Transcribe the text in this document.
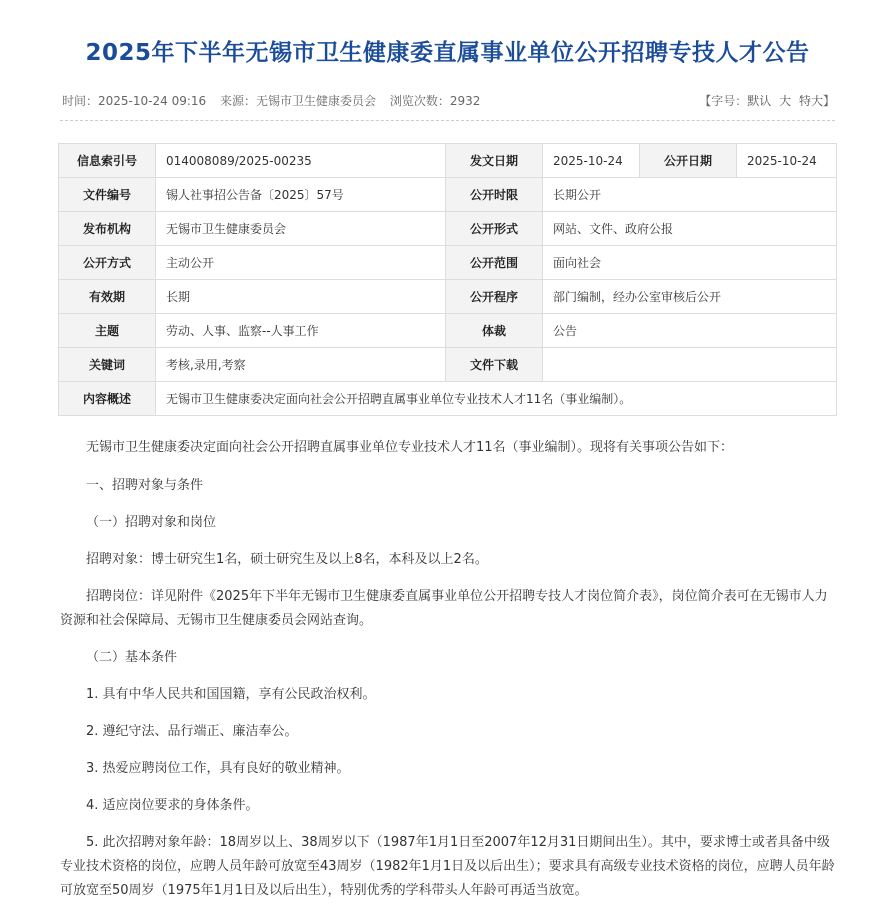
2025年下半年无锡市卫生健康委直属事业单位公开招聘专技人才公告
时间：2025-10-24 09:16 来源：无锡市卫生健康委员会 浏览次数：2932	【字号：默认 大 特大】
信息索引号	014008089/2025-00235	发文日期	2025-10-24	公开日期	2025-10-24
文件编号	锡人社事招公告备〔2025〕57号	公开时限	长期公开		
发布机构	无锡市卫生健康委员会	公开形式	网站、文件、政府公报		
公开方式	主动公开	公开范围	面向社会		
有效期	长期	公开程序	部门编制，经办公室审核后公开		
主题	劳动、人事、监察--人事工作	体裁	公告		
关键词	考核,录用,考察	文件下载			
内容概述	无锡市卫生健康委决定面向社会公开招聘直属事业单位专业技术人才11名（事业编制）。				

无锡市卫生健康委决定面向社会公开招聘直属事业单位专业技术人才11名（事业编制）。现将有关事项公告如下：

一、招聘对象与条件

（一）招聘对象和岗位

招聘对象：博士研究生1名，硕士研究生及以上8名，本科及以上2名。

招聘岗位：详见附件《2025年下半年无锡市卫生健康委直属事业单位公开招聘专技人才岗位简介表》，岗位简介表可在无锡市人力资源和社会保障局、无锡市卫生健康委员会网站查询。

（二）基本条件

1. 具有中华人民共和国国籍，享有公民政治权利。

2. 遵纪守法、品行端正、廉洁奉公。

3. 热爱应聘岗位工作，具有良好的敬业精神。

4. 适应岗位要求的身体条件。

5. 此次招聘对象年龄：18周岁以上、38周岁以下（1987年1月1日至2007年12月31日期间出生）。其中，要求博士或者具备中级专业技术资格的岗位，应聘人员年龄可放宽至43周岁（1982年1月1日及以后出生）；要求具有高级专业技术资格的岗位，应聘人员年龄可放宽至50周岁（1975年1月1日及以后出生），特别优秀的学科带头人年龄可再适当放宽。
